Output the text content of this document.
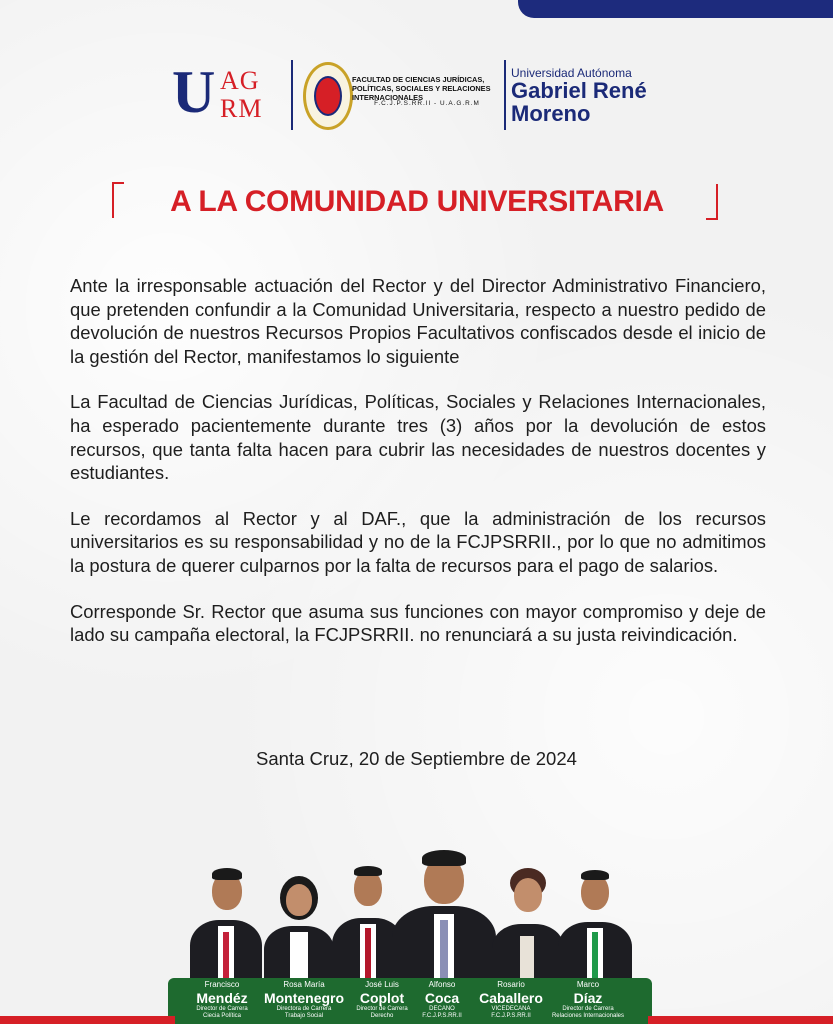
U AG
RM
FACULTAD DE CIENCIAS JURÍDICAS, POLÍTICAS, SOCIALES Y RELACIONES INTERNACIONALES
F.C.J.P.S.RR.II - U.A.G.R.M
Universidad Autónoma
Gabriel René
Moreno
A LA COMUNIDAD UNIVERSITARIA

Ante la irresponsable actuación del Rector y del Director Administrativo Financiero, que pretenden confundir a la Comunidad Universitaria, respecto a nuestro pedido de devolución de nuestros Recursos Propios Facultativos confiscados desde el inicio de la gestión del Rector, manifestamos lo siguiente

La Facultad de Ciencias Jurídicas, Políticas, Sociales y Relaciones Internacionales, ha esperado pacientemente durante tres (3) años por la devolución de estos recursos, que tanta falta hacen para cubrir las necesidades de nuestros docentes y estudiantes.

Le recordamos al Rector y al DAF., que la administración de los recursos universitarios es su responsabilidad y no de la FCJPSRRII., por lo que no admitimos la postura de querer culparnos por la falta de recursos para el pago de salarios.

Corresponde Sr. Rector que asuma sus funciones con mayor compromiso y deje de lado su campaña electoral, la FCJPSRRII. no renunciará a su justa reivindicación.

Santa Cruz, 20 de Septiembre de 2024
Francisco
Mendéz
Director de Carrera
Ciecia Política
Rosa María
Montenegro
Directora de Carrera
Trabajo Social
José Luis
Coplot
Director de Carrera
Derecho
Alfonso
Coca
DECANO
F.C.J.P.S.RR.II
Rosario
Caballero
VICEDECANA
F.C.J.P.S.RR.II
Marco
Díaz
Director de Carrera
Relaciones Internacionales
